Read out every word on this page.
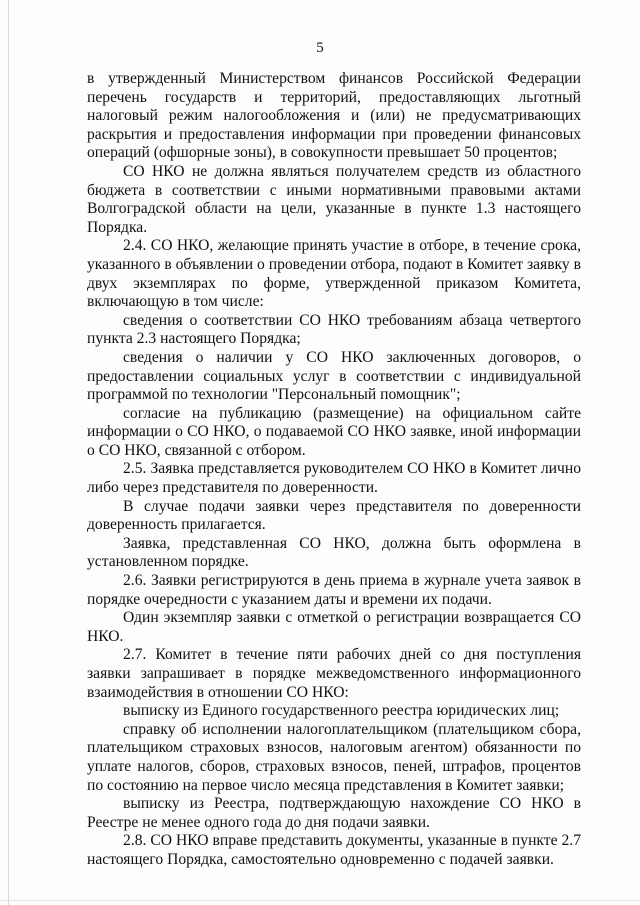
5

в утвержденный Министерством финансов Российской Федерации перечень государств и территорий, предоставляющих льготный налоговый режим налогообложения и (или) не предусматривающих раскрытия и предоставления информации при проведении финансовых операций (офшорные зоны), в совокупности превышает 50 процентов;

СО НКО не должна являться получателем средств из областного бюджета в соответствии с иными нормативными правовыми актами Волгоградской области на цели, указанные в пункте 1.3 настоящего Порядка.

2.4. СО НКО, желающие принять участие в отборе, в течение срока, указанного в объявлении о проведении отбора, подают в Комитет заявку в двух экземплярах по форме, утвержденной приказом Комитета, включающую в том числе:

сведения о соответствии СО НКО требованиям абзаца четвертого пункта 2.3 настоящего Порядка;

сведения о наличии у СО НКО заключенных договоров, о предоставлении социальных услуг в соответствии с индивидуальной программой по технологии "Персональный помощник";

согласие на публикацию (размещение) на официальном сайте информации о СО НКО, о подаваемой СО НКО заявке, иной информации о СО НКО, связанной с отбором.

2.5. Заявка представляется руководителем СО НКО в Комитет лично либо через представителя по доверенности.

В случае подачи заявки через представителя по доверенности доверенность прилагается.

Заявка, представленная СО НКО, должна быть оформлена в установленном порядке.

2.6. Заявки регистрируются в день приема в журнале учета заявок в порядке очередности с указанием даты и времени их подачи.

Один экземпляр заявки с отметкой о регистрации возвращается СО НКО.

2.7. Комитет в течение пяти рабочих дней со дня поступления заявки запрашивает в порядке межведомственного информационного взаимодействия в отношении СО НКО:

выписку из Единого государственного реестра юридических лиц;

справку об исполнении налогоплательщиком (плательщиком сбора, плательщиком страховых взносов, налоговым агентом) обязанности по уплате налогов, сборов, страховых взносов, пеней, штрафов, процентов по состоянию на первое число месяца представления в Комитет заявки;

выписку из Реестра, подтверждающую нахождение СО НКО в Реестре не менее одного года до дня подачи заявки.

2.8. СО НКО вправе представить документы, указанные в пункте 2.7 настоящего Порядка, самостоятельно одновременно с подачей заявки.
